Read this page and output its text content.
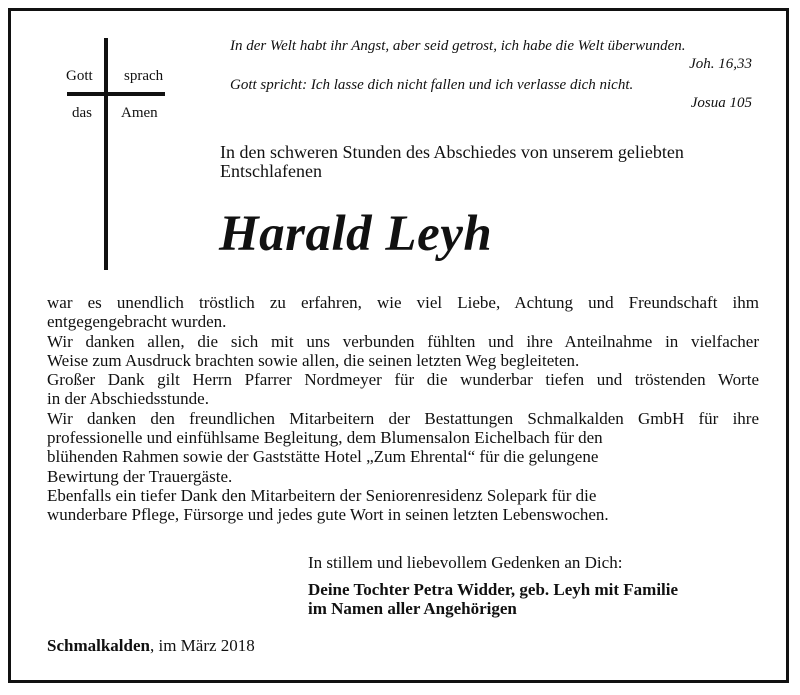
Gott sprach
das Amen
In der Welt habt ihr Angst, aber seid getrost, ich habe die Welt überwunden.
Joh. 16,33
Gott spricht: Ich lasse dich nicht fallen und ich verlasse dich nicht.
Josua 105
In den schweren Stunden des Abschiedes von unserem geliebten
Entschlafenen
Harald Leyh
war es unendlich tröstlich zu erfahren, wie viel Liebe, Achtung und Freundschaft ihm
entgegengebracht wurden.
Wir danken allen, die sich mit uns verbunden fühlten und ihre Anteilnahme in vielfacher
Weise zum Ausdruck brachten sowie allen, die seinen letzten Weg begleiteten.
Großer Dank gilt Herrn Pfarrer Nordmeyer für die wunderbar tiefen und tröstenden Worte
in der Abschiedsstunde.
Wir danken den freundlichen Mitarbeitern der Bestattungen Schmalkalden GmbH für ihre
professionelle und einfühlsame Begleitung, dem Blumensalon Eichelbach für den
blühenden Rahmen sowie der Gaststätte Hotel „Zum Ehrental“ für die gelungene
Bewirtung der Trauergäste.
Ebenfalls ein tiefer Dank den Mitarbeitern der Seniorenresidenz Solepark für die
wunderbare Pflege, Fürsorge und jedes gute Wort in seinen letzten Lebenswochen.
In stillem und liebevollem Gedenken an Dich:
Deine Tochter Petra Widder, geb. Leyh mit Familie
im Namen aller Angehörigen
Schmalkalden, im März 2018
